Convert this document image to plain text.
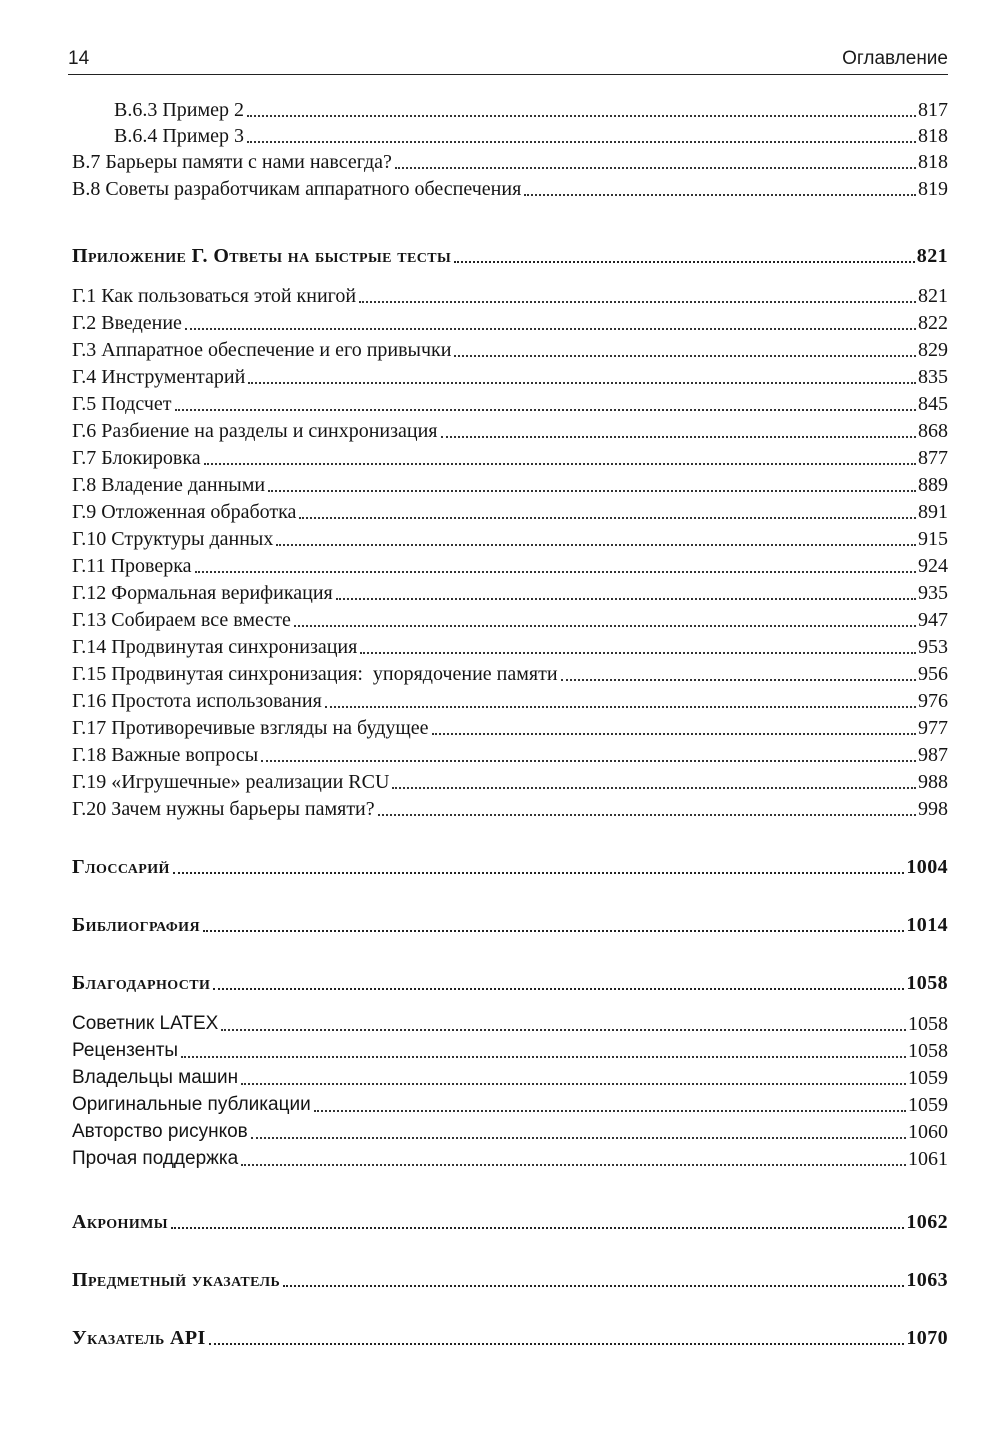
14	Оглавление
B.6.3 Пример 2	817
B.6.4 Пример 3	818
B.7 Барьеры памяти с нами навсегда?	818
B.8 Советы разработчикам аппаратного обеспечения	819
Приложение Г. Ответы на быстрые тесты	821
Г.1 Как пользоваться этой книгой	821
Г.2 Введение	822
Г.3 Аппаратное обеспечение и его привычки	829
Г.4 Инструментарий	835
Г.5 Подсчет	845
Г.6 Разбиение на разделы и синхронизация	868
Г.7 Блокировка	877
Г.8 Владение данными	889
Г.9 Отложенная обработка	891
Г.10 Структуры данных	915
Г.11 Проверка	924
Г.12 Формальная верификация	935
Г.13 Собираем все вместе	947
Г.14 Продвинутая синхронизация	953
Г.15 Продвинутая синхронизация:  упорядочение памяти	956
Г.16 Простота использования	976
Г.17 Противоречивые взгляды на будущее	977
Г.18 Важные вопросы	987
Г.19 «Игрушечные» реализации RCU	988
Г.20 Зачем нужны барьеры памяти?	998
Глоссарий	1004
Библиография	1014
Благодарности	1058
Советник LATEX	1058
Рецензенты	1058
Владельцы машин	1059
Оригинальные публикации	1059
Авторство рисунков	1060
Прочая поддержка	1061
Акронимы	1062
Предметный указатель	1063
Указатель API	1070
